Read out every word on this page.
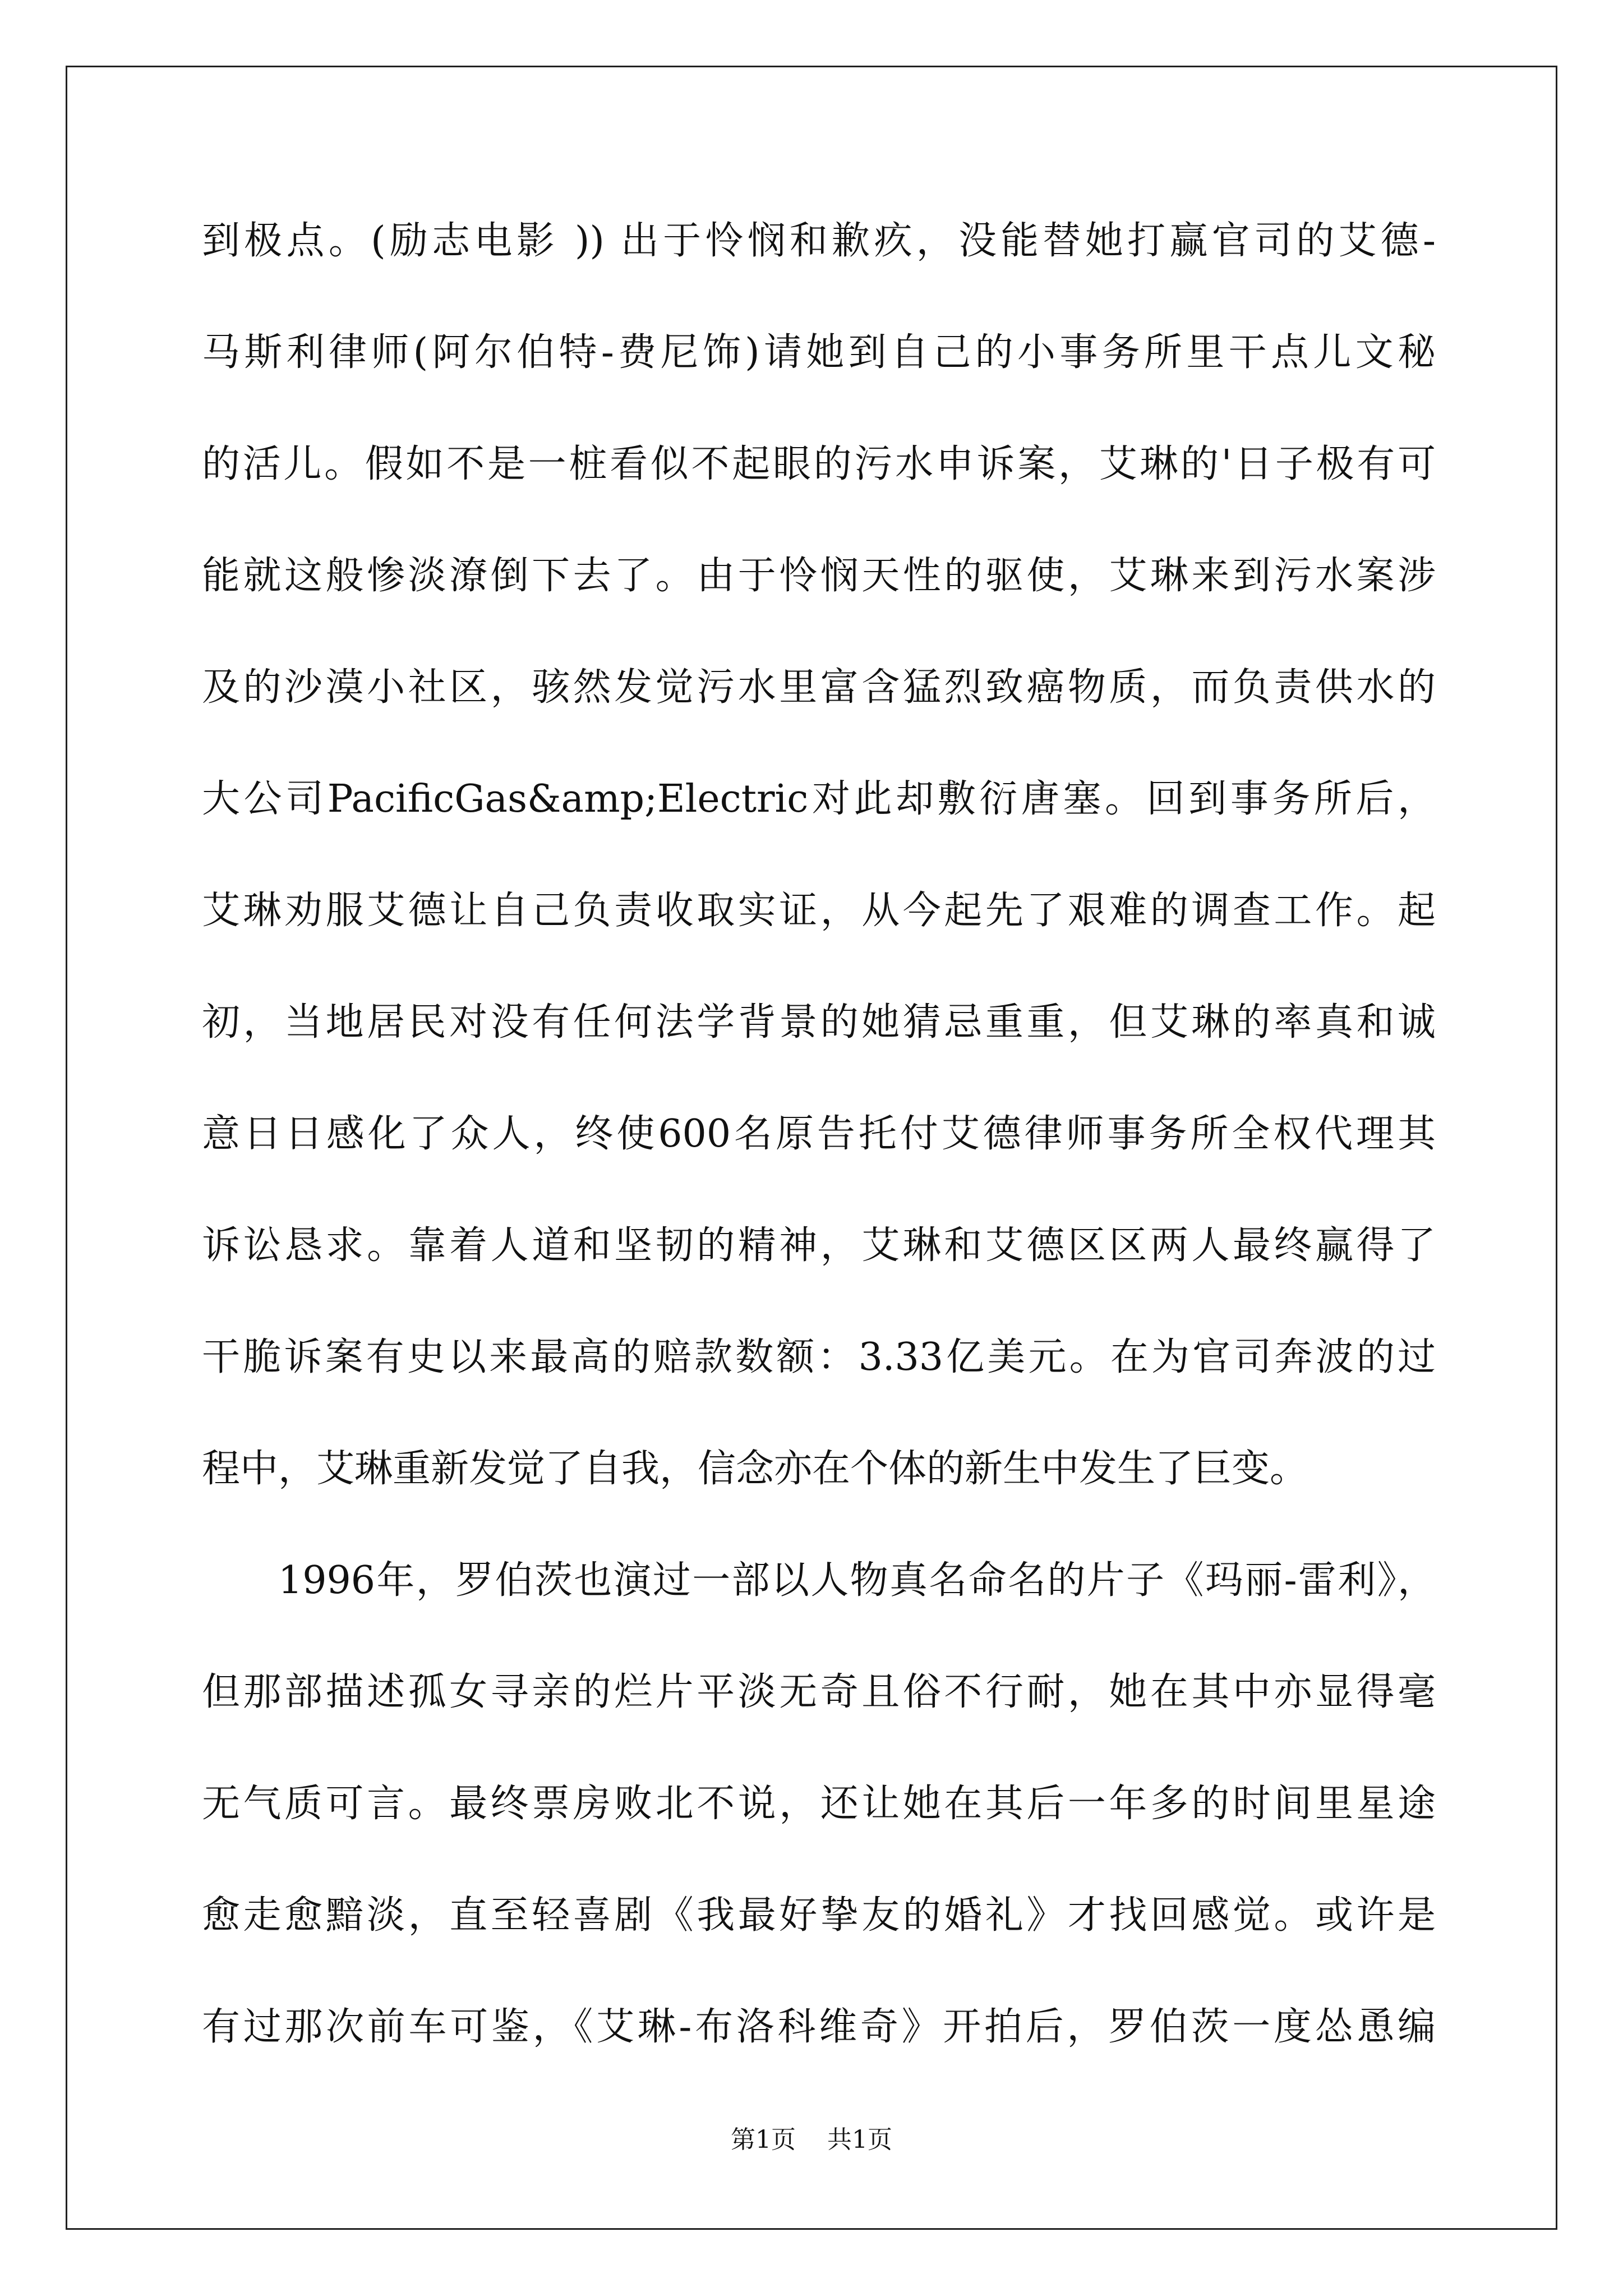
到极点。(励志电影 )) 出于怜悯和歉疚，没能替她打赢官司的艾德-
马斯利律师(阿尔伯特-费尼饰)请她到自己的小事务所里干点儿文秘
的活儿。假如不是一桩看似不起眼的污水申诉案，艾琳的'日子极有可
能就这般惨淡潦倒下去了。由于怜悯天性的驱使，艾琳来到污水案涉
及的沙漠小社区，骇然发觉污水里富含猛烈致癌物质，而负责供水的
大公司PacificGas&amp;Electric对此却敷衍唐塞。回到事务所后，
艾琳劝服艾德让自己负责收取实证，从今起先了艰难的调查工作。起
初，当地居民对没有任何法学背景的她猜忌重重，但艾琳的率真和诚
意日日感化了众人，终使600名原告托付艾德律师事务所全权代理其
诉讼恳求。靠着人道和坚韧的精神，艾琳和艾德区区两人最终赢得了
干脆诉案有史以来最高的赔款数额：3.33亿美元。在为官司奔波的过
程中，艾琳重新发觉了自我，信念亦在个体的新生中发生了巨变。
1996年，罗伯茨也演过一部以人物真名命名的片子《玛丽-雷利》，
但那部描述孤女寻亲的烂片平淡无奇且俗不行耐，她在其中亦显得毫
无气质可言。最终票房败北不说，还让她在其后一年多的时间里星途
愈走愈黯淡，直至轻喜剧《我最好挚友的婚礼》才找回感觉。或许是
有过那次前车可鉴，《艾琳-布洛科维奇》开拍后，罗伯茨一度怂恿编
第1页    共1页
